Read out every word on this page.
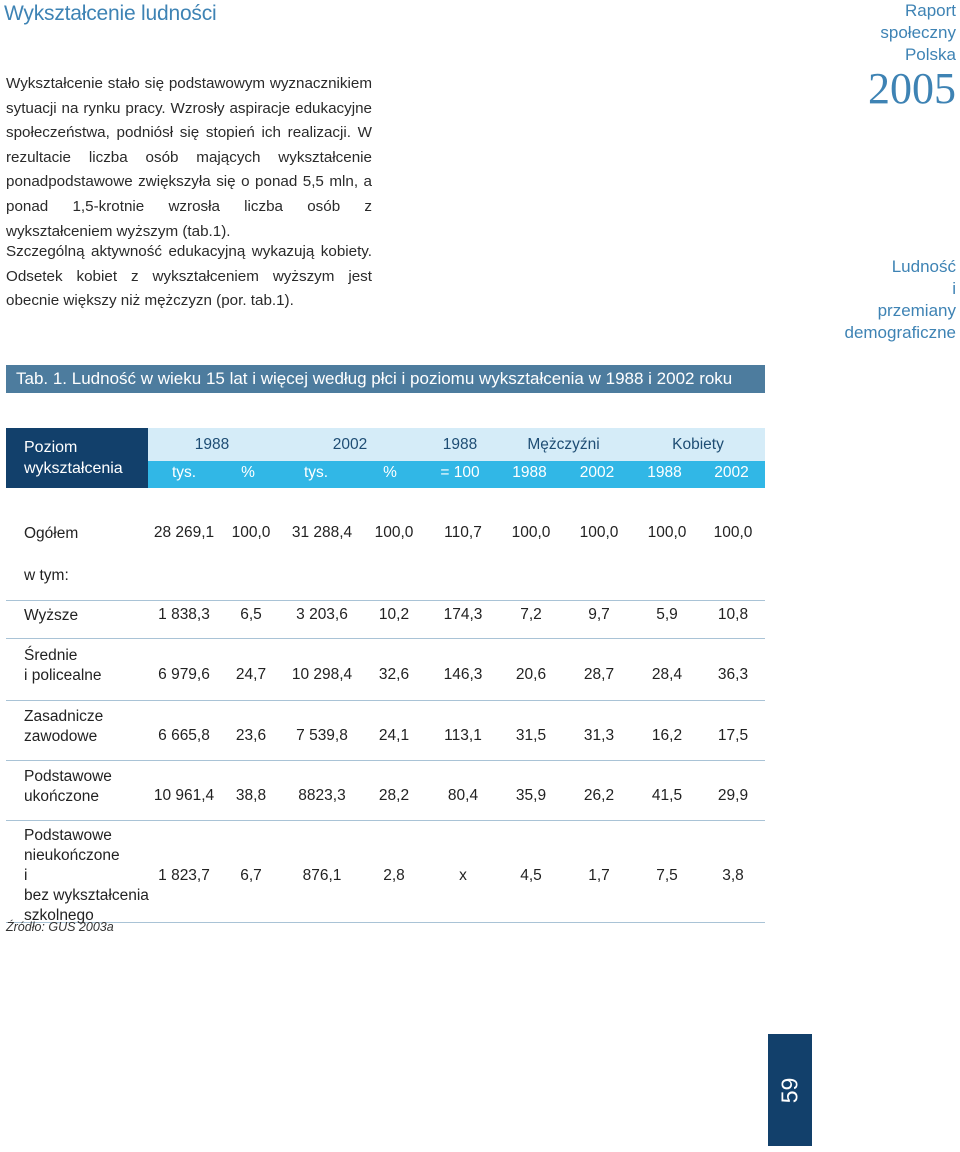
Wykształcenie ludności

Wykształcenie stało się podstawowym wyznacznikiem sytuacji na rynku pracy. Wzrosły aspiracje edukacyjne społeczeństwa, podniósł się stopień ich realizacji. W rezultacie liczba osób mających wykształcenie ponadpodstawowe zwiększyła się o ponad 5,5 mln, a ponad 1,5-krotnie wzrosła liczba osób z wykształceniem wyższym (tab.1).

Szczególną aktywność edukacyjną wykazują kobiety. Odsetek kobiet z wykształceniem wyższym jest obecnie większy niż mężczyzn (por. tab.1).

Raport
społeczny
Polska
2005
Ludność
i
przemiany
demograficzne
Tab. 1. Ludność w wieku 15 lat i więcej według płci i poziomu wykształcenia w 1988 i 2002 roku
Poziom
wykształcenia
1988	2002	1988	Mężczyźni	Kobiety
tys.	%	tys.	%	= 100	1988	2002	1988	2002
Ogółem	28 269,1	100,0	31 288,4	100,0	110,7	100,0	100,0	100,0	100,0
w tym:
Wyższe	1 838,3	6,5	3 203,6	10,2	174,3	7,2	9,7	5,9	10,8
Średnie
i policealne	6 979,6	24,7	10 298,4	32,6	146,3	20,6	28,7	28,4	36,3
Zasadnicze
zawodowe	6 665,8	23,6	7 539,8	24,1	113,1	31,5	31,3	16,2	17,5
Podstawowe
ukończone	10 961,4	38,8	8823,3	28,2	80,4	35,9	26,2	41,5	29,9
Podstawowe
nieukończone
i
bez wykształcenia
szkolnego
1 823,7	6,7	876,1	2,8	x	4,5	1,7	7,5	3,8
Źródło: GUS 2003a
59
